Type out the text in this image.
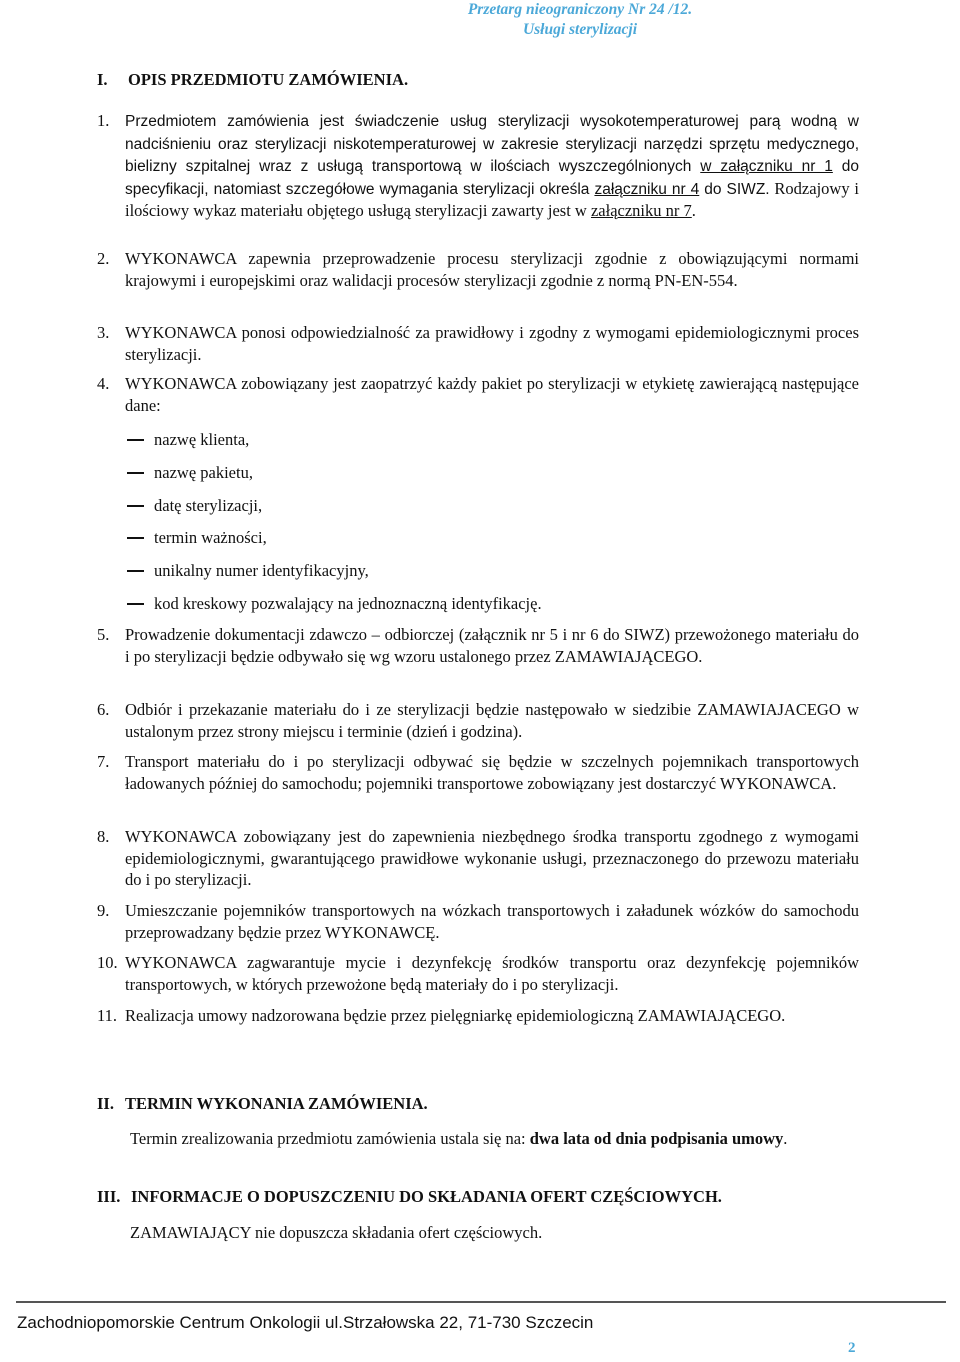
Przetarg nieograniczony Nr 24 /12.
Usługi sterylizacji
I.	OPIS PRZEDMIOTU ZAMÓWIENIA.
1.	Przedmiotem zamówienia jest świadczenie usług sterylizacji wysokotemperaturowej parą wodną w nadciśnieniu oraz sterylizacji niskotemperaturowej w zakresie sterylizacji narzędzi sprzętu medycznego, bielizny szpitalnej wraz z usługą transportową w ilościach wyszczególnionych w załączniku nr 1 do specyfikacji, natomiast szczegółowe wymagania sterylizacji określa załączniku nr 4 do SIWZ. Rodzajowy i ilościowy wykaz materiału objętego usługą sterylizacji zawarty jest w załączniku nr 7.
2. WYKONAWCA zapewnia przeprowadzenie procesu sterylizacji zgodnie z obowiązującymi normami krajowymi i europejskimi oraz walidacji procesów sterylizacji zgodnie z normą PN-EN-554.
3. WYKONAWCA ponosi odpowiedzialność za prawidłowy i zgodny z wymogami epidemiologicznymi proces sterylizacji.
4. WYKONAWCA zobowiązany jest zaopatrzyć każdy pakiet po sterylizacji w etykietę zawierającą następujące dane:
nazwę klienta,
nazwę pakietu,
datę sterylizacji,
termin ważności,
unikalny numer identyfikacyjny,
kod kreskowy pozwalający na jednoznaczną identyfikację.
5. Prowadzenie dokumentacji zdawczo – odbiorczej (załącznik nr 5 i nr 6 do SIWZ) przewożonego materiału do i po sterylizacji będzie odbywało się wg wzoru ustalonego przez ZAMAWIAJĄCEGO.
6. Odbiór i przekazanie materiału do i ze sterylizacji będzie następowało w siedzibie ZAMAWIAJACEGO w ustalonym przez strony miejscu i terminie (dzień i godzina).
7. Transport materiału do i po sterylizacji odbywać się będzie w szczelnych pojemnikach transportowych ładowanych później do samochodu; pojemniki transportowe zobowiązany jest dostarczyć WYKONAWCA.
8. WYKONAWCA zobowiązany jest do zapewnienia niezbędnego środka transportu zgodnego z wymogami epidemiologicznymi, gwarantującego prawidłowe wykonanie usługi, przeznaczonego do przewozu materiału do i po sterylizacji.
9. Umieszczanie pojemników transportowych na wózkach transportowych i załadunek wózków do samochodu przeprowadzany będzie przez WYKONAWCĘ.
10. WYKONAWCA zagwarantuje mycie i dezynfekcję środków transportu oraz dezynfekcję pojemników transportowych, w których przewożone będą materiały do i po sterylizacji.
11. Realizacja umowy nadzorowana będzie przez pielęgniarkę epidemiologiczną ZAMAWIAJĄCEGO.
II. TERMIN WYKONANIA ZAMÓWIENIA.
Termin zrealizowania przedmiotu zamówienia ustala się na: dwa lata od dnia podpisania umowy.
III. INFORMACJE O DOPUSZCZENIU DO SKŁADANIA OFERT CZĘŚCIOWYCH.
ZAMAWIAJĄCY nie dopuszcza składania ofert częściowych.
Zachodniopomorskie Centrum Onkologii ul.Strzałowska 22, 71-730 Szczecin
2
